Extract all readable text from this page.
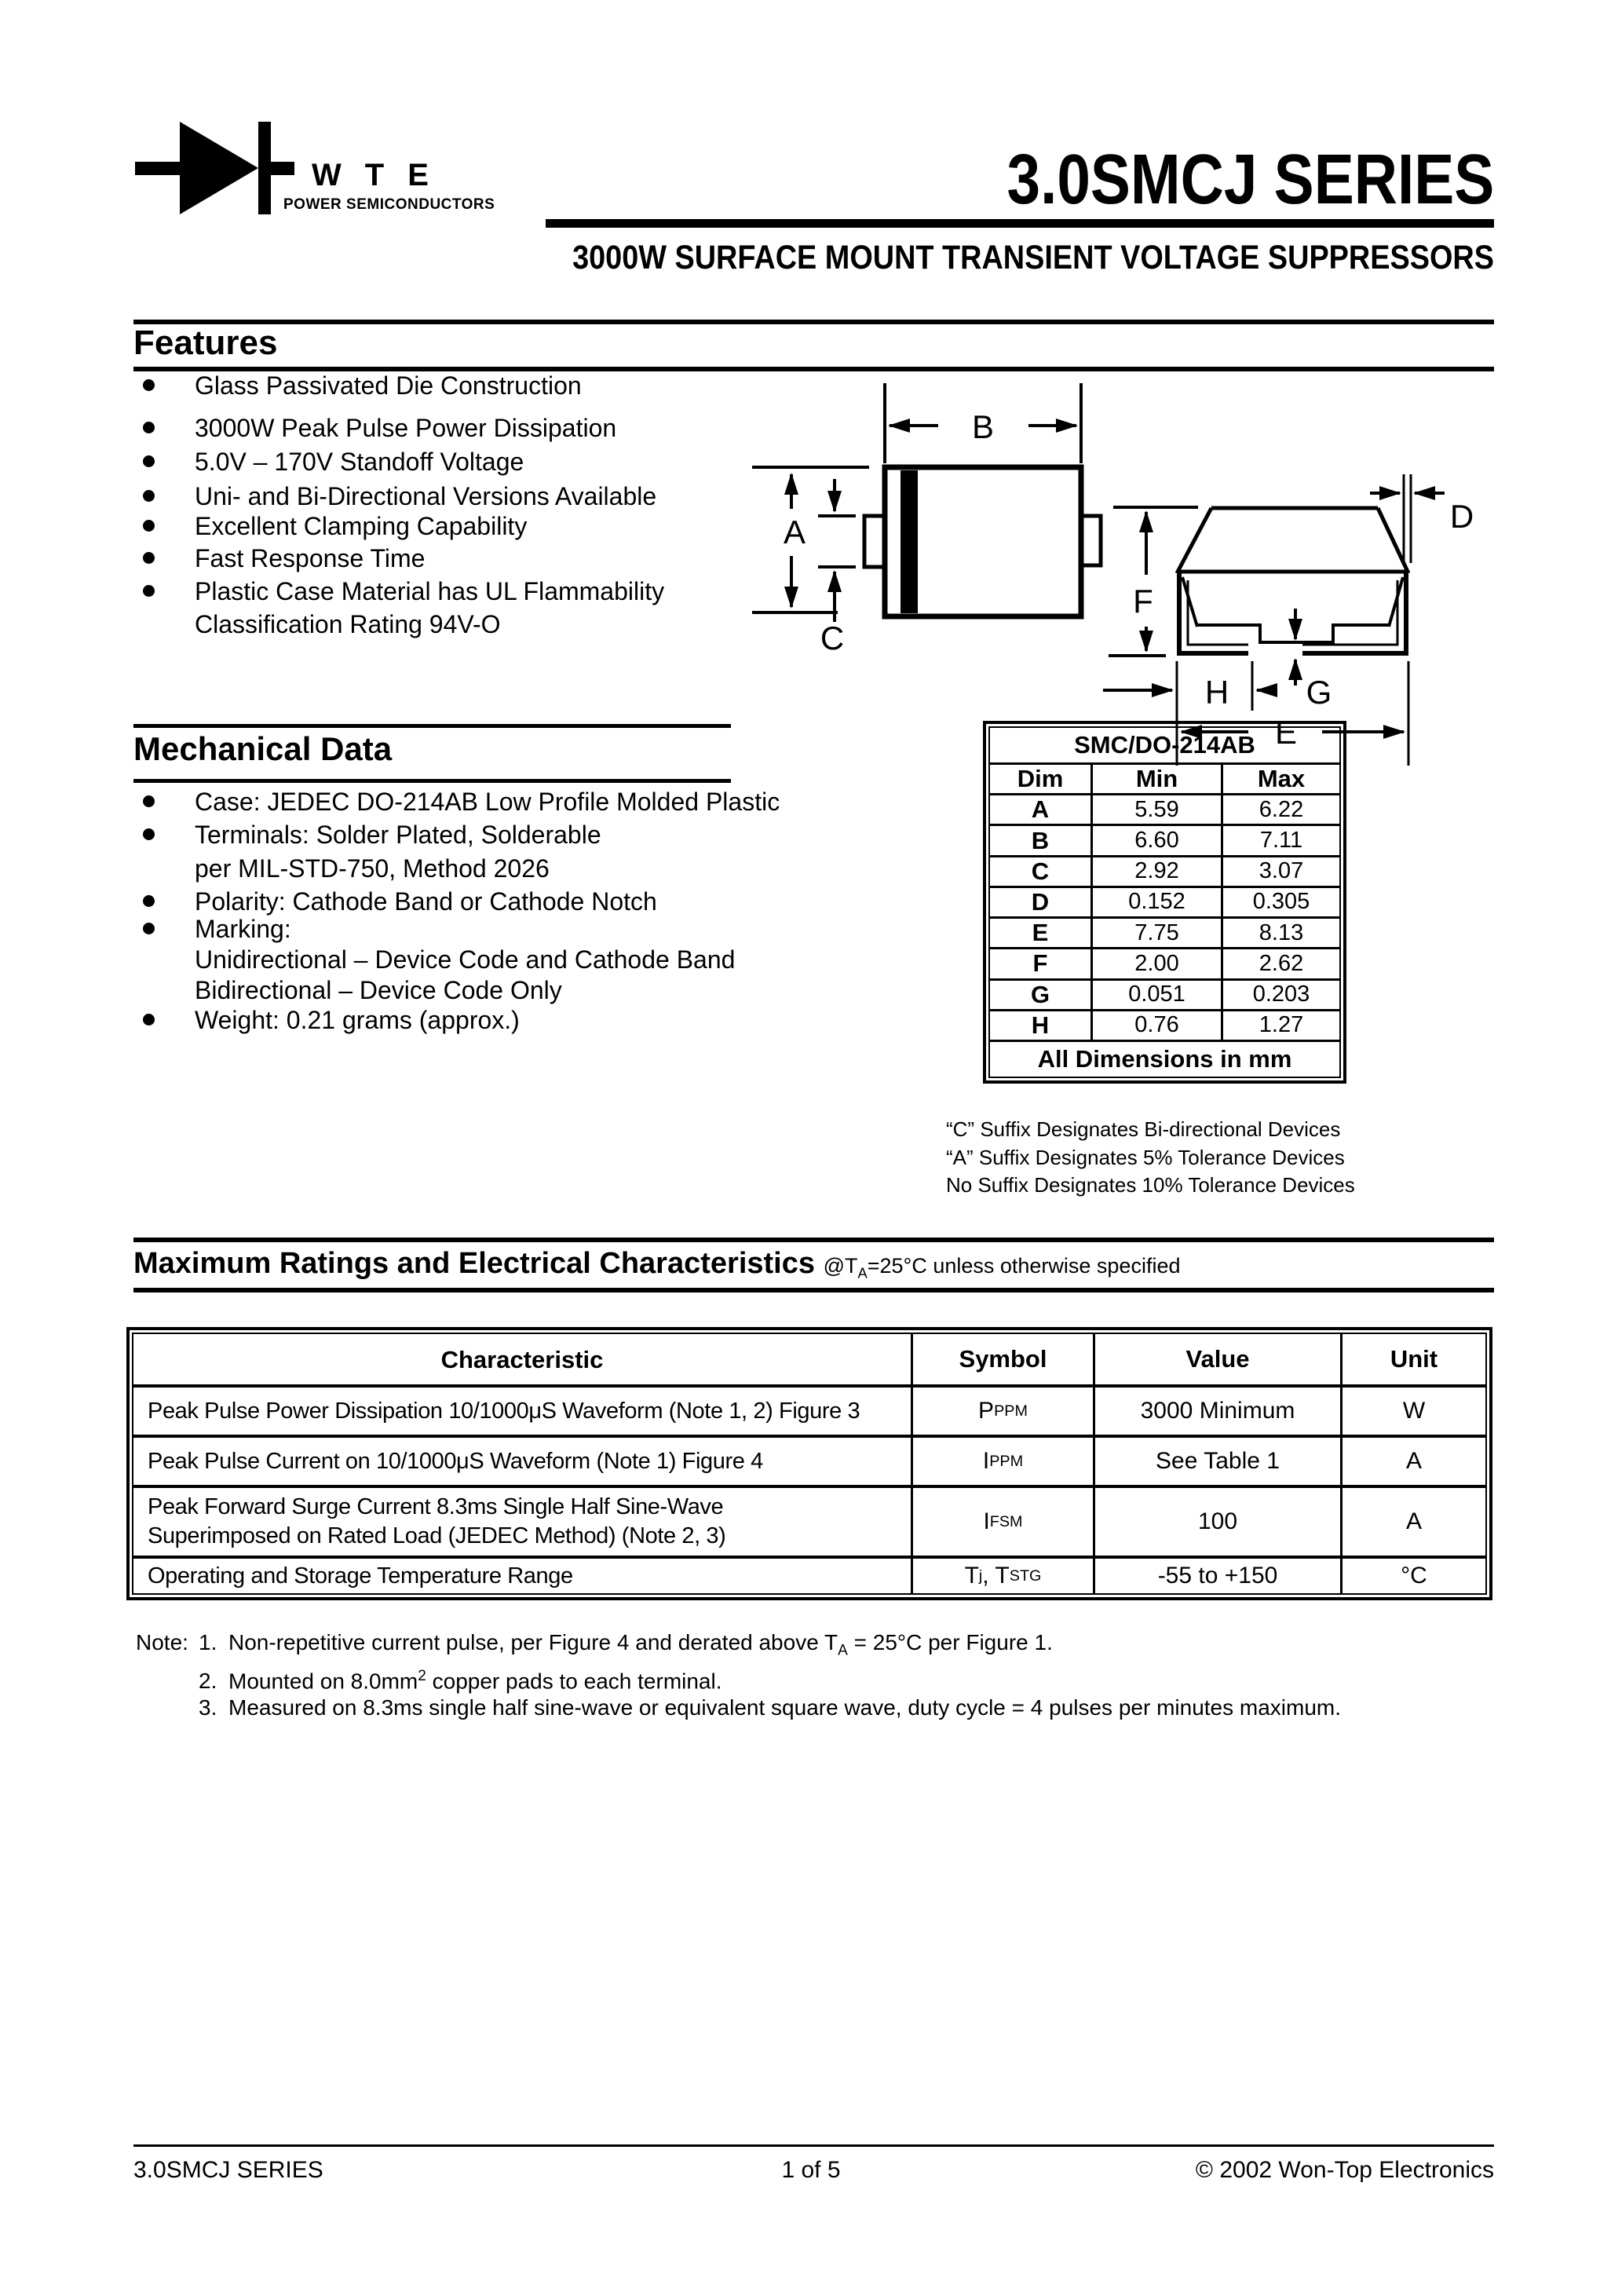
WTE
POWER SEMICONDUCTORS	3.0SMCJ SERIES
3000W SURFACE MOUNT TRANSIENT VOLTAGE SUPPRESSORS
Features
Glass Passivated Die Construction
3000W Peak Pulse Power Dissipation
5.0V – 170V Standoff Voltage
Uni- and Bi-Directional Versions Available
Excellent Clamping Capability
Fast Response Time
Plastic Case Material has UL Flammability
Classification Rating 94V-O
B
A
C
D
F
H G
E
Mechanical Data
Case: JEDEC DO-214AB Low Profile Molded Plastic
Terminals: Solder Plated, Solderable
per MIL-STD-750, Method 2026
Polarity: Cathode Band or Cathode Notch
Marking:
Unidirectional – Device Code and Cathode Band
Bidirectional – Device Code Only
Weight: 0.21 grams (approx.)
SMC/DO-214AB
Dim	Min	Max
A	5.59	6.22
B	6.60	7.11
C	2.92	3.07
D	0.152	0.305
E	7.75	8.13
F	2.00	2.62
G	0.051	0.203
H	0.76	1.27
All Dimensions in mm
“C” Suffix Designates Bi-directional Devices
“A” Suffix Designates 5% Tolerance Devices
No Suffix Designates 10% Tolerance Devices
Maximum Ratings and Electrical Characteristics $@T_A=25^\circ C$ unless otherwise specified
Characteristic	Symbol	Value	Unit
Peak Pulse Power Dissipation 10/1000μS Waveform (Note 1, 2) Figure 3	P PPM	3000 Minimum	W
Peak Pulse Current on 10/1000μS Waveform (Note 1) Figure 4	I PPM	See Table 1	A
Peak Forward Surge Current 8.3ms Single Half Sine-Wave
Superimposed on Rated Load (JEDEC Method) (Note 2, 3)
I FSM	100	A
Operating and Storage Temperature Range	T j , T STG	-55 to +150	°C
Note: 1. Non-repetitive current pulse, per Figure 4 and derated above $T_A = 25^\circ C$ per Figure 1.
2. Mounted on $8.0mm^2$ copper pads to each terminal.
3. Measured on 8.3ms single half sine-wave or equivalent square wave, duty cycle = 4 pulses per minutes maximum.
3.0SMCJ SERIES	1 of 5	© 2002 Won-Top Electronics
